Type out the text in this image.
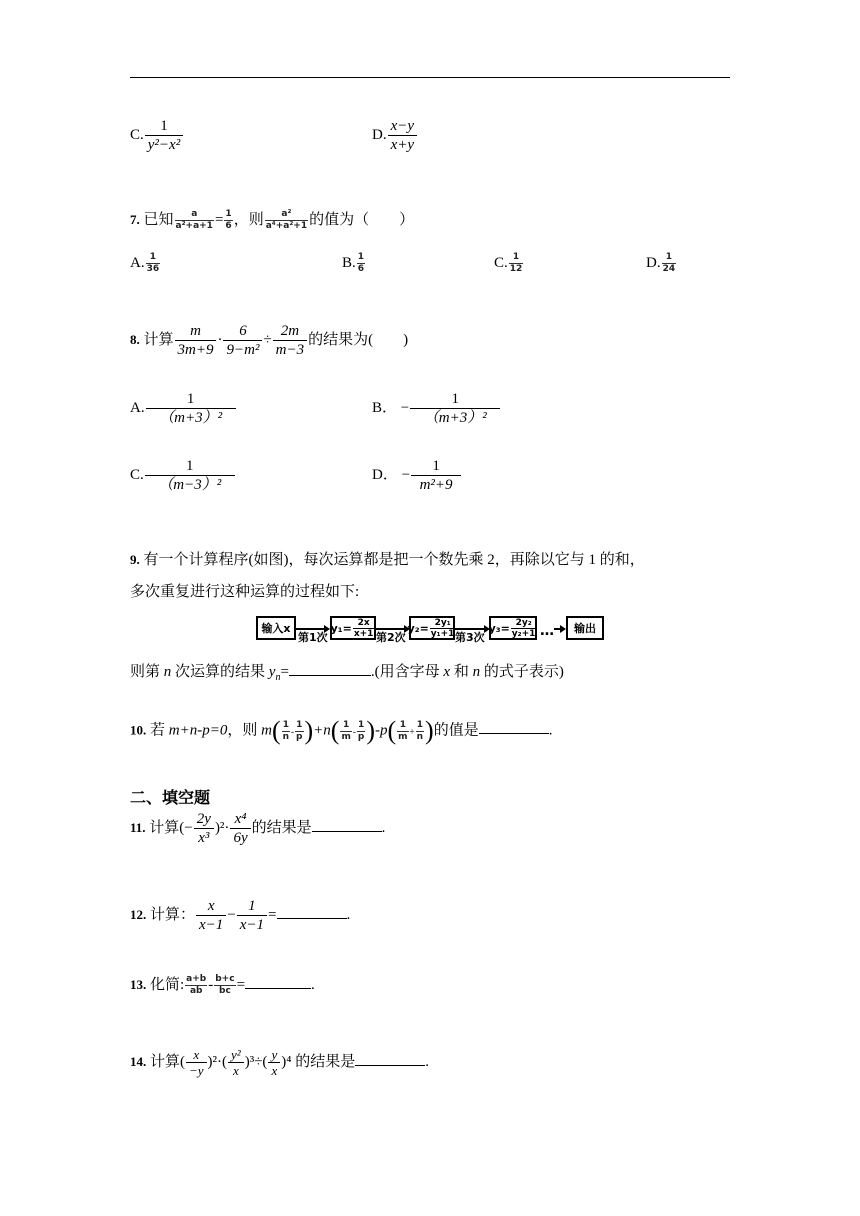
C. $\frac{1}{\text{y²−x²}}$	D. $\frac{x-y}{x+y}$
7. 已知 $\frac{a}{\text{a²+a+1}} = \frac{1}{6}$ ，则 $\frac{\text{a²}}{\text{a⁴+a²+1}}$ 的值为（　　）
A. $\frac{1}{36}$	B. $\frac{1}{6}$	C. $\frac{1}{12}$	D. $\frac{1}{24}$
8. 计算 $\frac{m}{3m+9} \cdot \frac{6}{\text{9−m²}} \div \frac{2m}{m-3}$ 的结果为(　　)
A. $\frac{1}{\text{（m+3）²}}$	B． − $\frac{1}{\text{（m+3）²}}$
C. $\frac{1}{\text{（m−3）²}}$	D． − $\frac{1}{\text{m²+9}}$
9. 有一个计算程序(如图)，每次运算都是把一个数先乘 2，再除以它与 1 的和，
多次重复进行这种运算的过程如下:
输入x
第1次
$y_1= \frac{2x}{x+1}$ 第2次
$y_2= \frac{\text{2y₁}}{\text{y₁+1}}$ 第3次
$y_3= \frac{\text{2y₂}}{\text{y₂+1}}$ … 输出
则第 n 次运算的结果 $y_n=$	.(用含字母 x 和 n 的式子表示)
10. 若 m+n-p=0，则 $m( \frac{1}{n} - \frac{1}{p} )+n( \frac{1}{m} - \frac{1}{p} )-p( \frac{1}{m} + \frac{1}{n}$ )的值是	.
二、填空题
11. 计算(− $\frac{2y}{\text{x³}} )^2\cdot \frac{\text{x⁴}}{6y}$ 的结果是	.
12. 计算： $\frac{x}{x-1} - \frac{1}{x-1}$ =	.
13. 化简: $\frac{a+b}{ab} - \frac{b+c}{bc}$ =	.
14. 计算( $\frac{x}{-y} )^2\cdot( \frac{\text{y²}}{x} )^3\div( \frac{y}{x} )^4$ 的结果是	.
